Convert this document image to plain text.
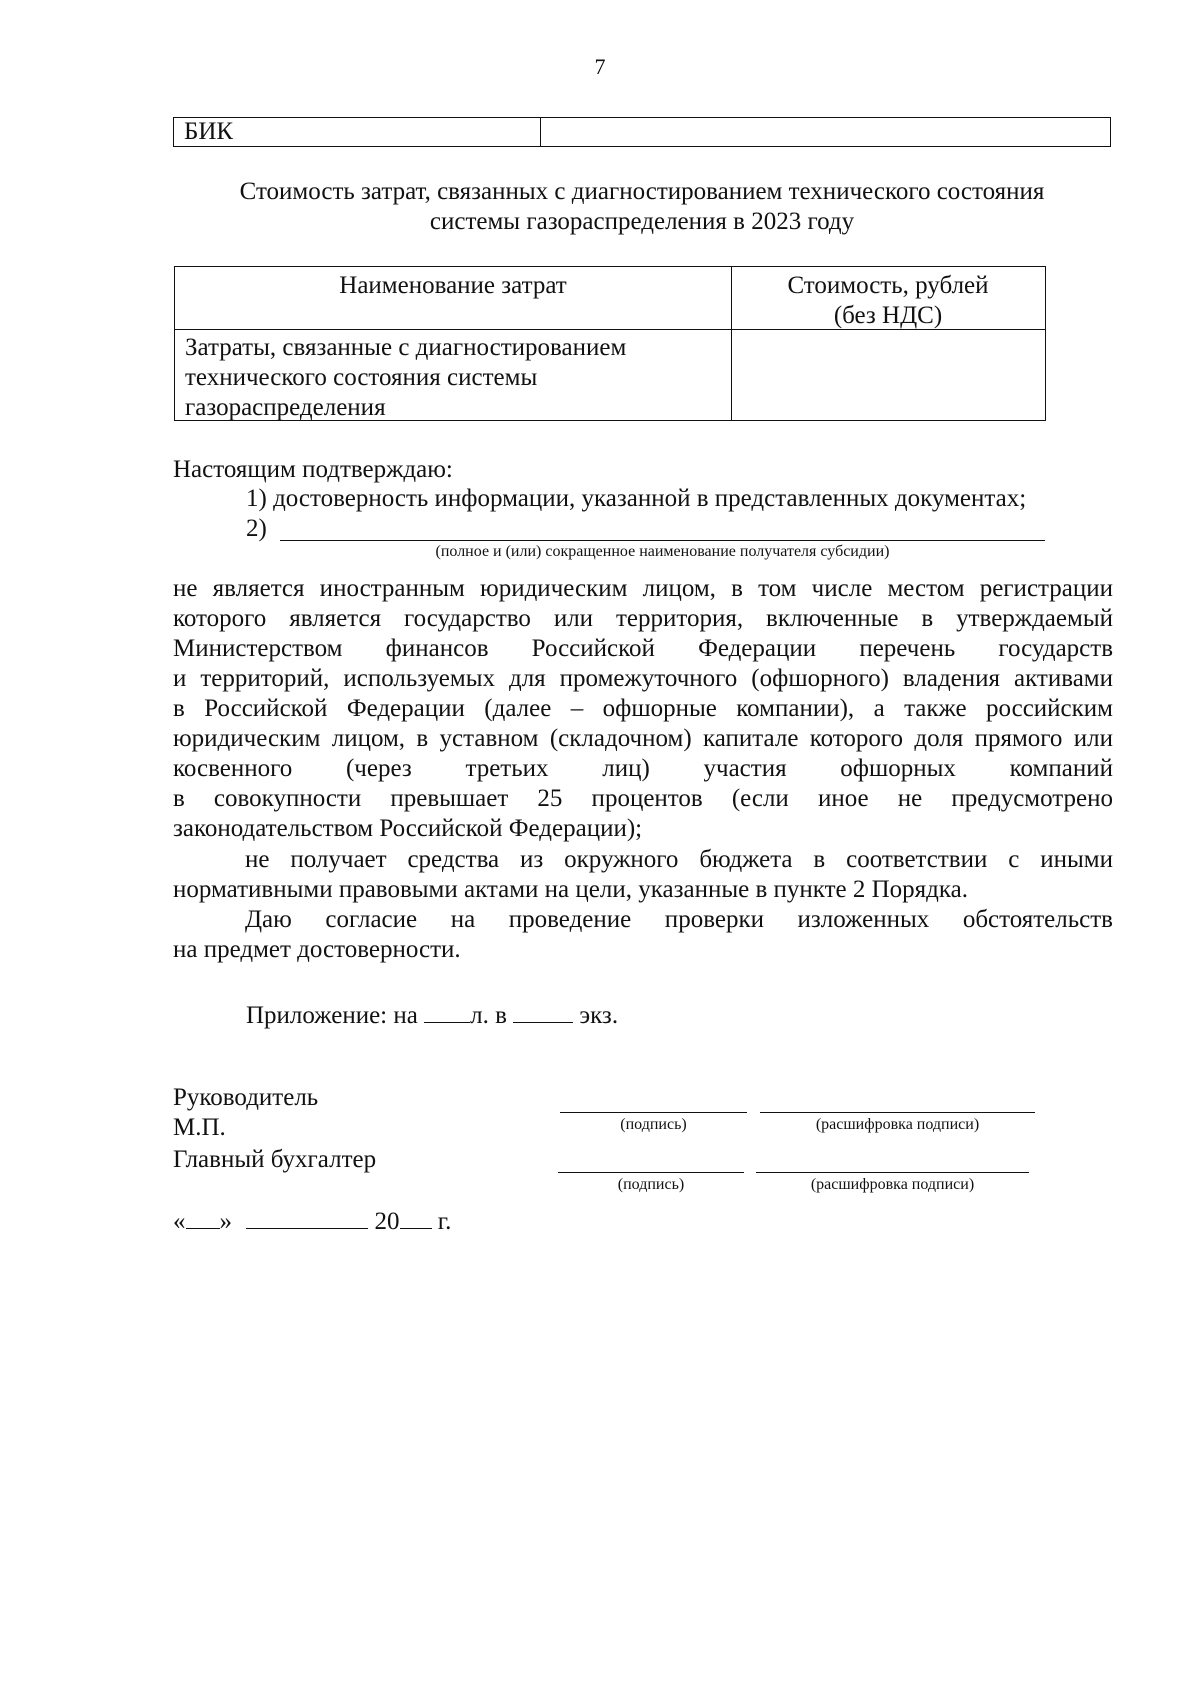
7
БИК
Стоимость затрат, связанных с диагностированием технического состояния
системы газораспределения в 2023 году
Наименование затрат	Стоимость, рублей
(без НДС)
Затраты, связанные с диагностированием
технического состояния системы
газораспределения
Настоящим подтверждаю:
1) достоверность информации, указанной в представленных документах;
2)
(полное и (или) сокращенное наименование получателя субсидии)
не является иностранным юридическим лицом, в том числе местом регистрации
которого является государство или территория, включенные в утверждаемый
Министерством финансов Российской Федерации перечень государств
и территорий, используемых для промежуточного (офшорного) владения активами
в Российской Федерации (далее – офшорные компании), а также российским
юридическим лицом, в уставном (складочном) капитале которого доля прямого или
косвенного (через третьих лиц) участия офшорных компаний
в совокупности превышает 25 процентов (если иное не предусмотрено
законодательством Российской Федерации);
не получает средства из окружного бюджета в соответствии с иными
нормативными правовыми актами на цели, указанные в пункте 2 Порядка.
Даю согласие на проведение проверки изложенных обстоятельств
на предмет достоверности.
Приложение: на л. в	экз.
Руководитель
М.П.
Главный бухгалтер
(подпись)	(расшифровка подписи)
(подпись)	(расшифровка подписи)
« »	20 г.
